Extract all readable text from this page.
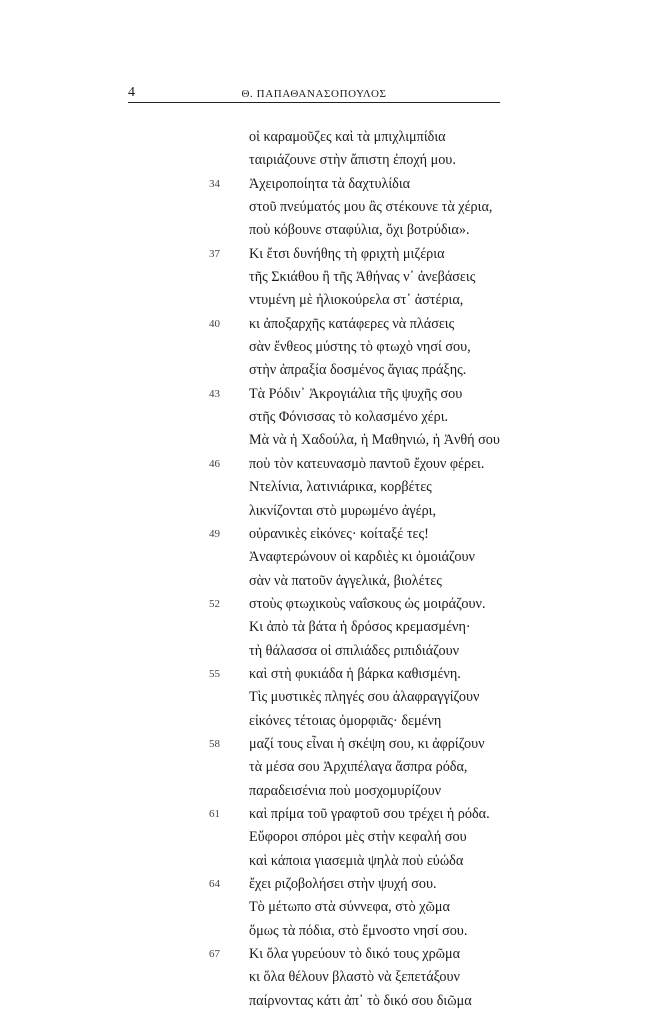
4	Θ. ΠΑΠΑΘΑΝΑΣΟΠΟΥΛΟΣ
οἱ καραμοῦζες καὶ τὰ μπιχλιμπίδια
ταιριάζουνε στὴν ἄπιστη ἐποχή μου.
34	Ἀχειροποίητα τὰ δαχτυλίδια
στοῦ πνεύματός μου ἂς στέκουνε τὰ χέρια,
ποὺ κόβουνε σταφύλια, ὄχι βοτρύδια».
37	Κι ἔτσι δυνήθης τὴ φριχτὴ μιζέρια
τῆς Σκιάθου ἢ τῆς Ἀθήνας ν᾽ ἀνεβάσεις
ντυμένη μὲ ἠλιοκούρελα στ᾽ ἀστέρια,
40	κι ἀποξαρχῆς κατάφερες νὰ πλάσεις
σὰν ἔνθεος μύστης τὸ φτωχὸ νησί σου,
στὴν ἀπραξία δοσμένος ἅγιας πράξης.
43	Τὰ Ρόδιν᾽ Ἀκρογιάλια τῆς ψυχῆς σου
στῆς Φόνισσας τὸ κολασμένο χέρι.
Μὰ νὰ ἡ Χαδούλα, ἡ Μαθηνιώ, ἡ Ἀνθή σου
46	ποὺ τὸν κατευνασμὸ παντοῦ ἔχουν φέρει.
Ντελίνια, λατινιάρικα, κορβέτες
λικνίζονται στὸ μυρωμένο ἀγέρι,
49	οὐρανικὲς εἰκόνες· κοίταξέ τες!
Ἀναφτερώνουν οἱ καρδιὲς κι ὁμοιάζουν
σὰν νὰ πατοῦν ἀγγελικά, βιολέτες
52	στοὺς φτωχικοὺς ναΐσκους ὡς μοιράζουν.
Κι ἀπὸ τὰ βάτα ἡ δρόσος κρεμασμένη·
τὴ θάλασσα οἱ σπιλιάδες ριπιδιάζουν
55	καὶ στὴ φυκιάδα ἡ βάρκα καθισμένη.
Τὶς μυστικὲς πληγές σου ἀλαφραγγίζουν
εἰκόνες τέτοιας ὀμορφιᾶς· δεμένη
58	μαζί τους εἶναι ἡ σκέψη σου, κι ἀφρίζουν
τὰ μέσα σου Ἀρχιπέλαγα ἄσπρα ρόδα,
παραδεισένια ποὺ μοσχομυρίζουν
61	καὶ πρίμα τοῦ γραφτοῦ σου τρέχει ἡ ρόδα.
Εὔφοροι σπόροι μὲς στὴν κεφαλή σου
καὶ κάποια γιασεμιὰ ψηλὰ ποὺ εὐώδα
64	ἔχει ριζοβολήσει στὴν ψυχή σου.
Τὸ μέτωπο στὰ σύννεφα, στὸ χῶμα
ὅμως τὰ πόδια, στὸ ἔμνοστο νησί σου.
67	Κι ὅλα γυρεύουν τὸ δικό τους χρῶμα
κι ὅλα θέλουν βλαστὸ νὰ ξεπετάξουν
παίρνοντας κάτι ἀπ᾽ τὸ δικό σου διῶμα
